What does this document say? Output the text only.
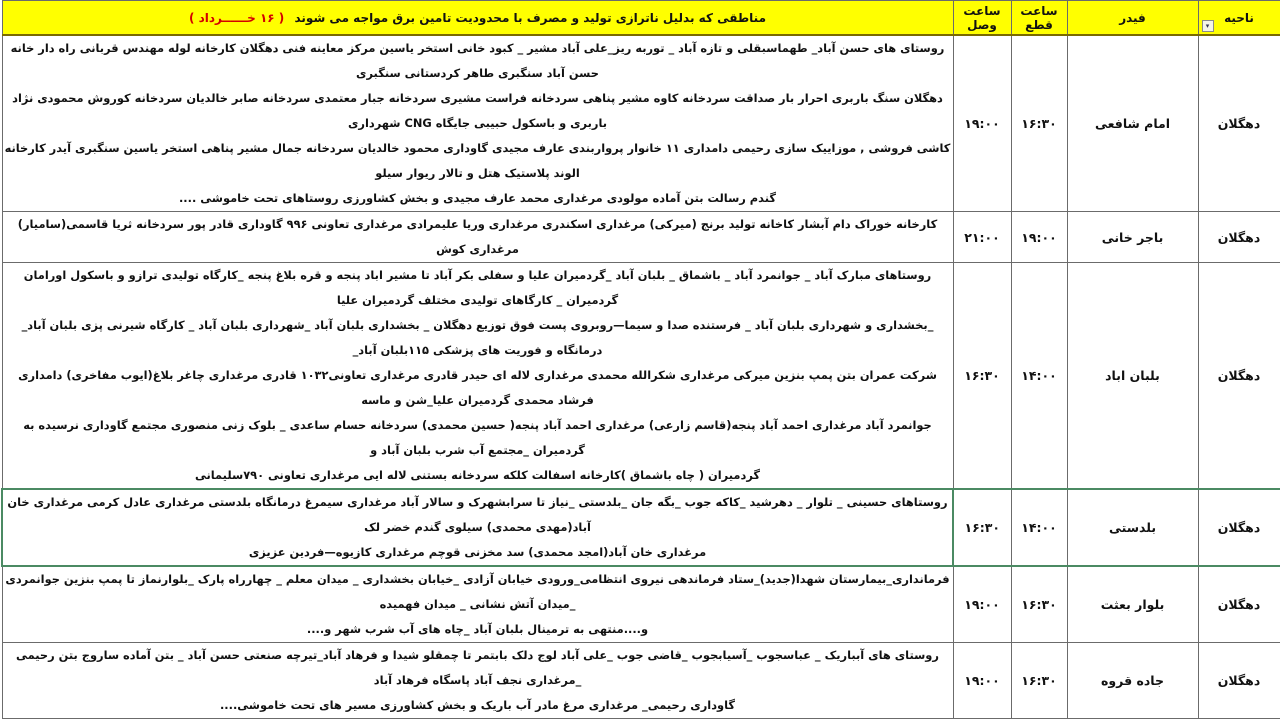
ناحیه
▾	فیدر	ساعت قطع	ساعت وصل	مناطقی که بدلیل ناترازی تولید و مصرف با محدودیت تامین برق مواجه می شوند ( ۱۶ خــــــرداد )
دهگلان	امام شافعی	۱۶:۳۰	۱۹:۰۰	روستای های حسن آباد_ طهماسبقلی و تازه آباد _ توربه ریز_علی آباد مشیر _ کبود خانی استخر یاسین مرکز معاینه فنی دهگلان کارخانه لوله مهندس قربانی راه دار خانه حسن آباد سنگبری طاهر کردستانی سنگبری
دهگلان سنگ باربری احرار بار صداقت سردخانه کاوه مشیر پناهی سردخانه فراست مشیری سردخانه جبار معتمدی سردخانه صابر خالدیان سردخانه کوروش محمودی نژاد باربری و باسکول حبیبی جایگاه CNG شهرداری
کاشی فروشی , موزاییک سازی رحیمی دامداری ۱۱ خانوار پرواربندی عارف مجیدی گاوداری محمود خالدیان سردخانه جمال مشیر پناهی استخر یاسین سنگبری آیدر کارخانه الوند پلاستیک هتل و تالار ریوار سیلو
گندم رسالت بتن آماده مولودی مرغداری محمد عارف مجیدی و بخش کشاورزی روستاهای تحت خاموشی ....

دهگلان	باجر خانی	۱۹:۰۰	۲۱:۰۰	کارخانه خوراک دام آبشار کاخانه تولید برنج (میرکی) مرغداری اسکندری مرغداری وریا علیمرادی مرغداری تعاونی ۹۹۶ گاوداری قادر پور سردخانه ثریا قاسمی(سامیار) مرغداری کوش

دهگلان	بلبان اباد	۱۴:۰۰	۱۶:۳۰	روستاهای مبارک آباد _ جوانمرد آباد _ باشماق _ بلبان آباد _گردمیران علیا و سفلی بکر آباد تا مشیر اباد پنجه و قره بلاغ پنجه _کارگاه تولیدی ترازو و باسکول اورامان گردمیران _ کارگاهای تولیدی مختلف گردمیران علیا
_بخشداری و شهرداری بلبان آباد _ فرستنده صدا و سیما—روبروی پست فوق توزیع دهگلان _ بخشداری بلبان آباد _شهرداری بلبان آباد _ کارگاه شیرنی پزی بلبان آباد_ درمانگاه و فوریت های پزشکی ۱۱۵بلبان آباد_
شرکت عمران بتن پمپ بنزین میرکی مرغداری شکرالله محمدی مرغداری لاله ای حیدر قادری مرغداری تعاونی۱۰۳۲ قادری مرغداری چاغر بلاغ(ایوب مفاخری) دامداری فرشاد محمدی گردمیران علیا_شن و ماسه
جوانمرد آباد مرغداری احمد آباد پنجه(قاسم زارعی) مرغداری احمد آباد پنجه( حسین محمدی) سردخانه حسام ساعدی _ بلوک زنی منصوری مجتمع گاوداری نرسیده به گردمیران _مجتمع آب شرب بلبان آباد و
گردمیران ( چاه باشماق )کارخانه اسفالت کلکه سردخانه بستنی لاله ایی مرغداری تعاونی ۷۹۰سلیمانی

دهگلان	بلدستی	۱۴:۰۰	۱۶:۳۰	روستاهای حسینی _ تلوار _ دهرشید _کاکه جوب _بگه جان _بلدستی _نیاز تا سرابشهرک و سالار آباد مرغداری سیمرغ درمانگاه بلدستی مرغداری عادل کرمی مرغداری خان آباد(مهدی محمدی) سیلوی گندم خضر لک
مرغداری خان آباد(امجد محمدی) سد مخزنی قوچم مرغداری کازیوه—فردین عزیزی

دهگلان	بلوار بعثت	۱۶:۳۰	۱۹:۰۰	فرمانداری_بیمارستان شهدا(جدید)_ستاد فرماندهی نیروی انتظامی_ورودی خیابان آزادی _خیابان بخشداری _ میدان معلم _ چهارراه پارک _بلوارنماز تا پمپ بنزین جوانمردی _میدان آتش نشانی _ میدان فهمیده
و....منتهی به ترمینال بلبان آباد _چاه های آب شرب شهر و....

دهگلان	جاده قروه	۱۶:۳۰	۱۹:۰۰	روستای های آبباریک _ عباسجوب _آسیابجوب _قاضی جوب _علی آباد لوج دلک بابتمر تا چمقلو شیدا و فرهاد آباد_تیرچه صنعتی حسن آباد _ بتن آماده ساروج بتن رحیمی _مرغداری نجف آباد پاسگاه فرهاد آباد
گاوداری رحیمی_ مرغداری مرغ مادر آب باریک و بخش کشاورزی مسیر های تحت خاموشی....
